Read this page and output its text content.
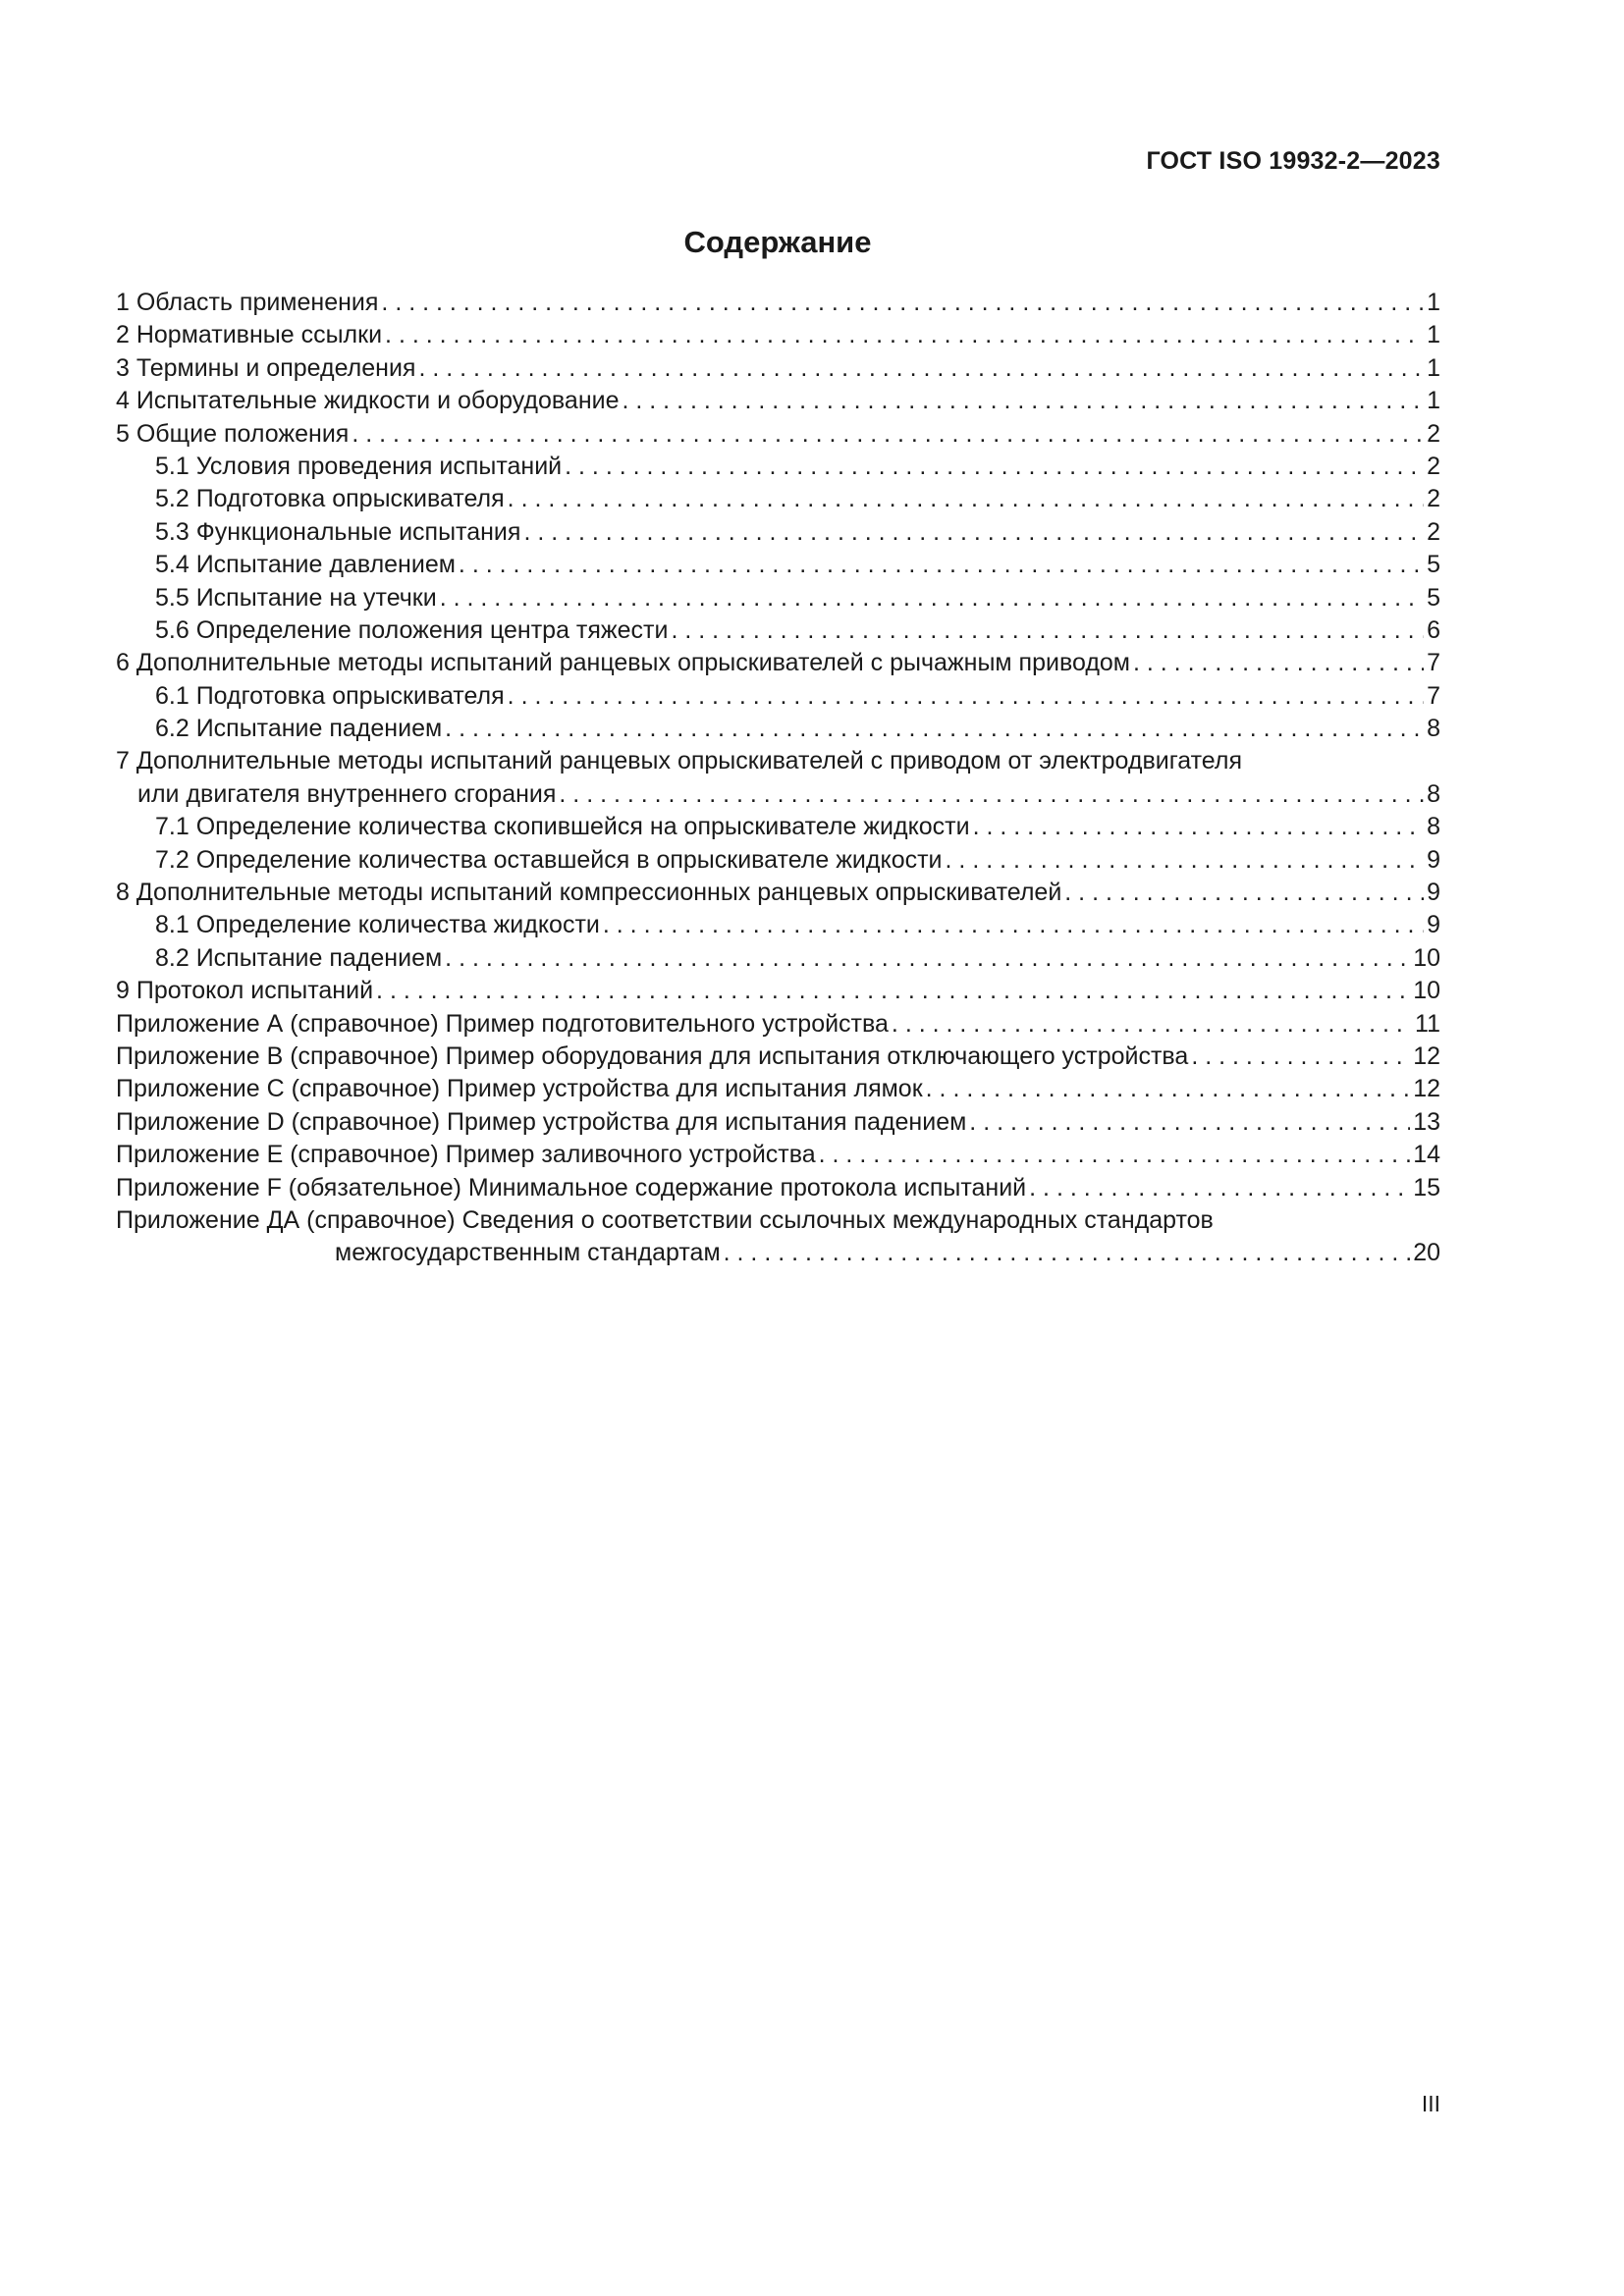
ГОСТ ISO 19932-2—2023
Содержание
1 Область применения . . .	1
2 Нормативные ссылки . . .	1
3 Термины и определения . . .	1
4 Испытательные жидкости и оборудование . . .	1
5 Общие положения . . .	2
5.1 Условия проведения испытаний . . .	2
5.2 Подготовка опрыскивателя . . .	2
5.3 Функциональные испытания . . .	2
5.4 Испытание давлением . . .	5
5.5 Испытание на утечки . . .	5
5.6 Определение положения центра тяжести . . .	6
6 Дополнительные методы испытаний ранцевых опрыскивателей с рычажным приводом . . .	7
6.1 Подготовка опрыскивателя . . .	7
6.2 Испытание падением . . .	8
7 Дополнительные методы испытаний ранцевых опрыскивателей с приводом от электродвигателя
или двигателя внутреннего сгорания . . .	8
7.1 Определение количества скопившейся на опрыскивателе жидкости . . .	8
7.2 Определение количества оставшейся в опрыскивателе жидкости . . .	9
8 Дополнительные методы испытаний компрессионных ранцевых опрыскивателей . . .	9
8.1 Определение количества жидкости . . .	9
8.2 Испытание падением . . .	10
9 Протокол испытаний . . .	10
Приложение А (справочное) Пример подготовительного устройства . . .	11
Приложение В (справочное) Пример оборудования для испытания отключающего устройства . . .	12
Приложение С (справочное) Пример устройства для испытания лямок . . .	12
Приложение D (справочное) Пример устройства для испытания падением . . .	13
Приложение Е (справочное) Пример заливочного устройства . . .	14
Приложение F (обязательное) Минимальное содержание протокола испытаний . . .	15
Приложение ДА (справочное) Сведения о соответствии ссылочных международных стандартов
межгосударственным стандартам . . .	20
III
